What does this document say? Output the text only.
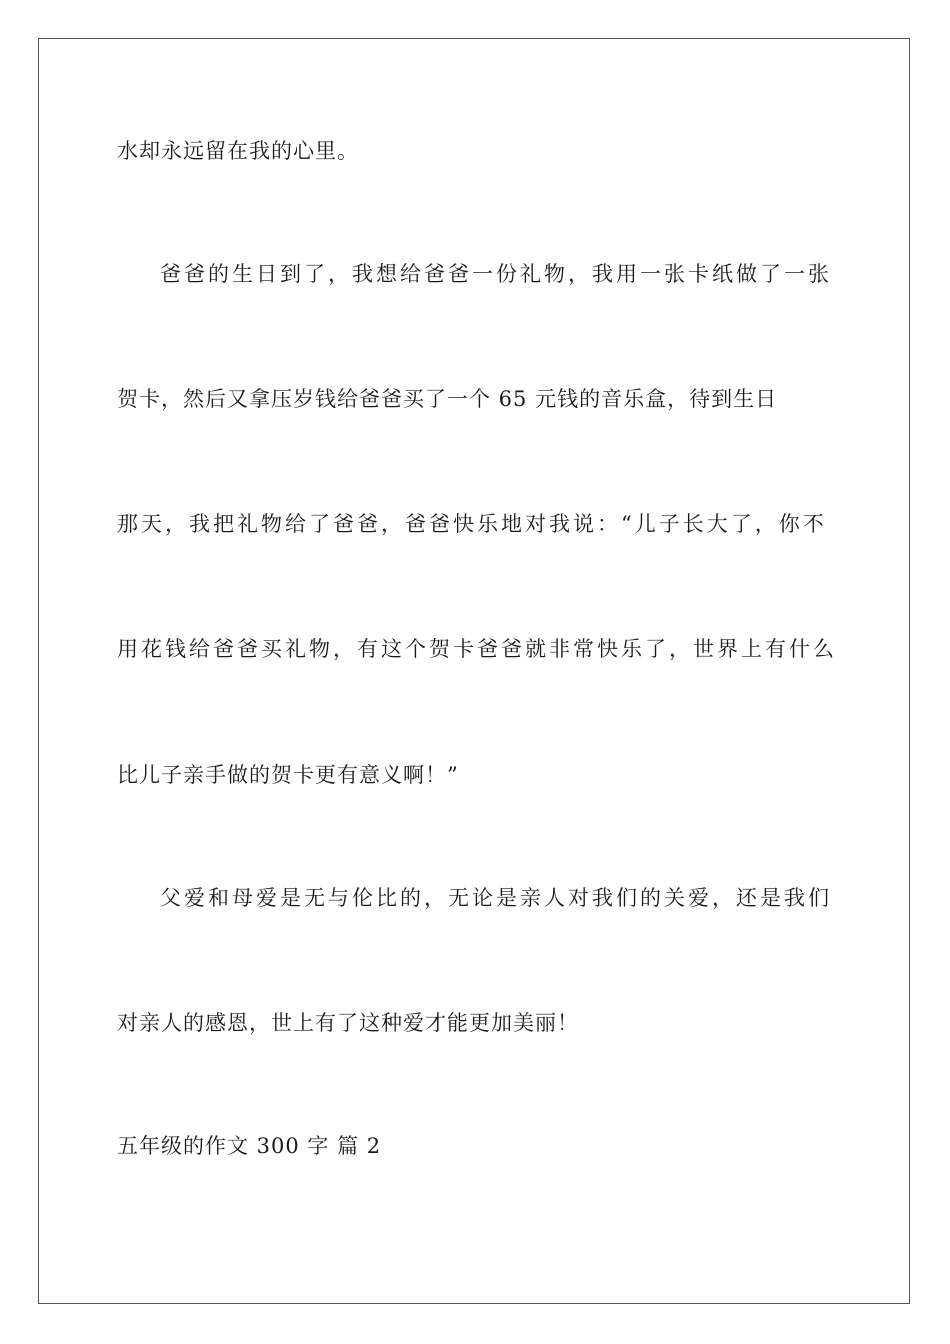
水却永远留在我的心里。
爸爸的生日到了，我想给爸爸一份礼物，我用一张卡纸做了一张
贺卡，然后又拿压岁钱给爸爸买了一个 65 元钱的音乐盒，待到生日
那天，我把礼物给了爸爸，爸爸快乐地对我说：“儿子长大了，你不
用花钱给爸爸买礼物，有这个贺卡爸爸就非常快乐了，世界上有什么
比儿子亲手做的贺卡更有意义啊！”
父爱和母爱是无与伦比的，无论是亲人对我们的关爱，还是我们
对亲人的感恩，世上有了这种爱才能更加美丽！
五年级的作文 300 字 篇 2
